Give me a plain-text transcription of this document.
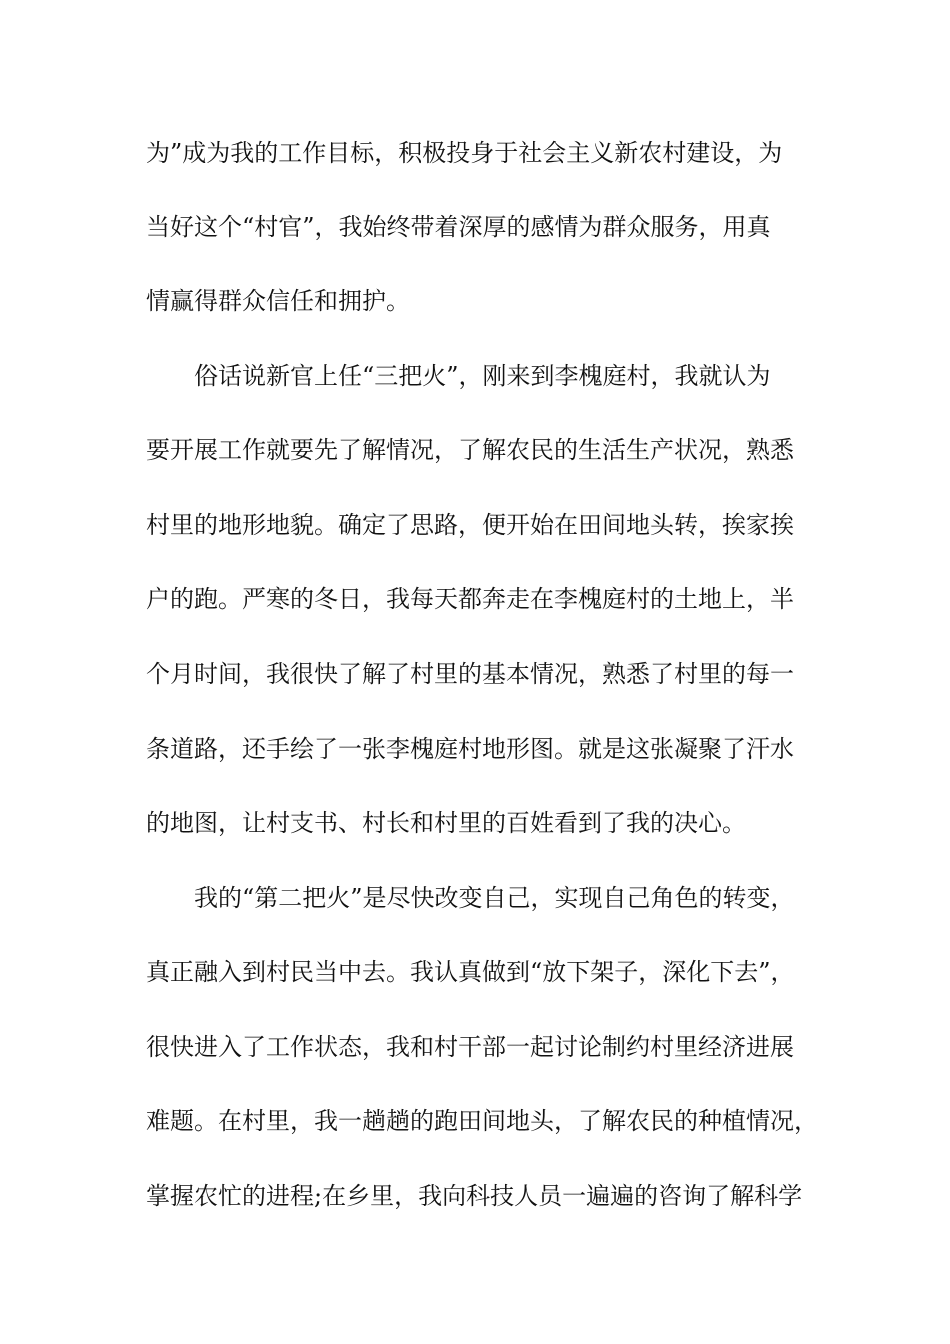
为”成为我的工作目标，积极投身于社会主义新农村建设，为
当好这个“村官”，我始终带着深厚的感情为群众服务，用真
情赢得群众信任和拥护。
俗话说新官上任“三把火”，刚来到李槐庭村，我就认为
要开展工作就要先了解情况，了解农民的生活生产状况，熟悉
村里的地形地貌。确定了思路，便开始在田间地头转，挨家挨
户的跑。严寒的冬日，我每天都奔走在李槐庭村的土地上，半
个月时间，我很快了解了村里的基本情况，熟悉了村里的每一
条道路，还手绘了一张李槐庭村地形图。就是这张凝聚了汗水
的地图，让村支书、村长和村里的百姓看到了我的决心。
我的“第二把火”是尽快改变自己，实现自己角色的转变，
真正融入到村民当中去。我认真做到“放下架子，深化下去”，
很快进入了工作状态，我和村干部一起讨论制约村里经济进展
难题。在村里，我一趟趟的跑田间地头，了解农民的种植情况，
掌握农忙的进程;在乡里，我向科技人员一遍遍的咨询了解科学
